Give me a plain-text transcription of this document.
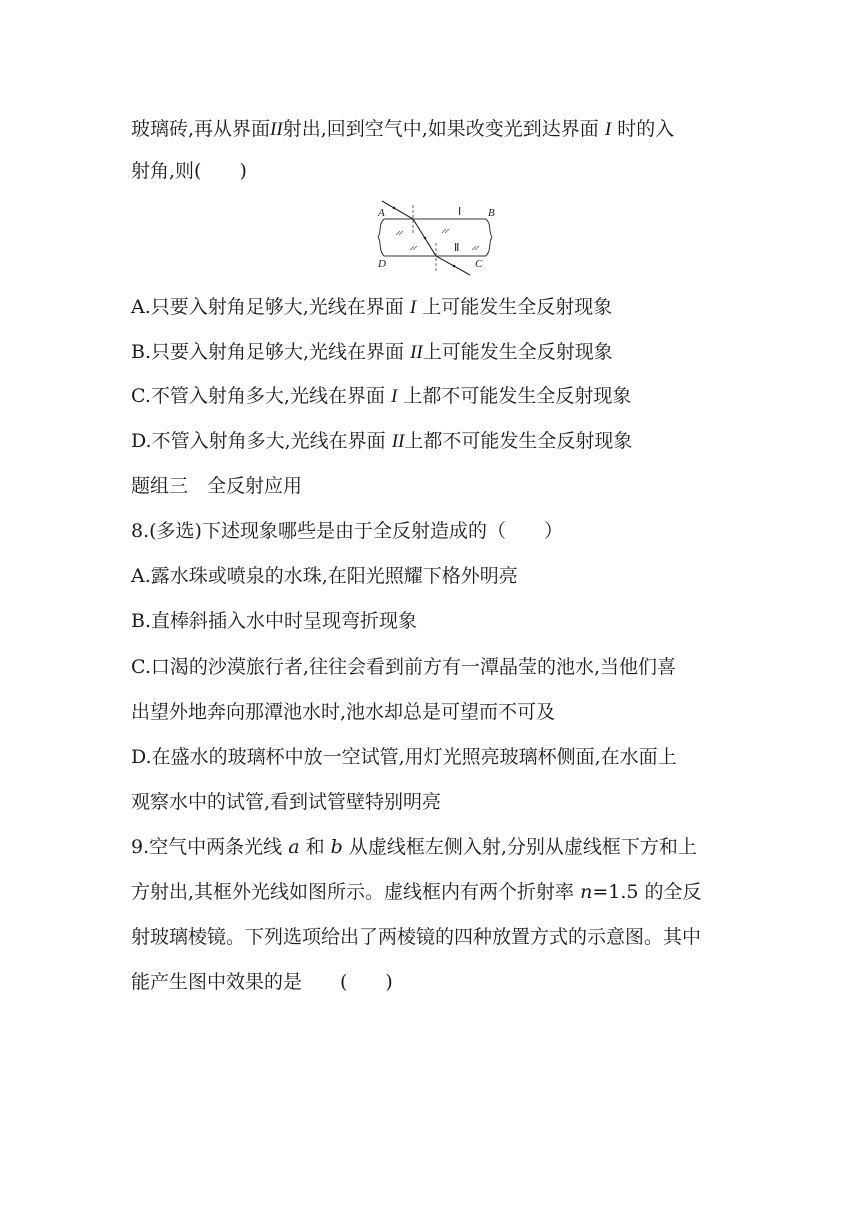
玻璃砖,再从界面II射出,回到空气中,如果改变光到达界面 I 时的入
射角,则(　　)
A	B
C
D
Ⅰ
Ⅱ
A.只要入射角足够大,光线在界面 I 上可能发生全反射现象
B.只要入射角足够大,光线在界面 II上可能发生全反射现象
C.不管入射角多大,光线在界面 I 上都不可能发生全反射现象
D.不管入射角多大,光线在界面 II上都不可能发生全反射现象
题组三　全反射应用
8.(多选)下述现象哪些是由于全反射造成的（　　）
A.露水珠或喷泉的水珠,在阳光照耀下格外明亮
B.直棒斜插入水中时呈现弯折现象
C.口渴的沙漠旅行者,往往会看到前方有一潭晶莹的池水,当他们喜
出望外地奔向那潭池水时,池水却总是可望而不可及
D.在盛水的玻璃杯中放一空试管,用灯光照亮玻璃杯侧面,在水面上
观察水中的试管,看到试管壁特别明亮
9.空气中两条光线 a 和 b 从虚线框左侧入射,分别从虚线框下方和上
方射出,其框外光线如图所示。虚线框内有两个折射率 n=1.5 的全反
射玻璃棱镜。下列选项给出了两棱镜的四种放置方式的示意图。其中
能产生图中效果的是　　(　　)
